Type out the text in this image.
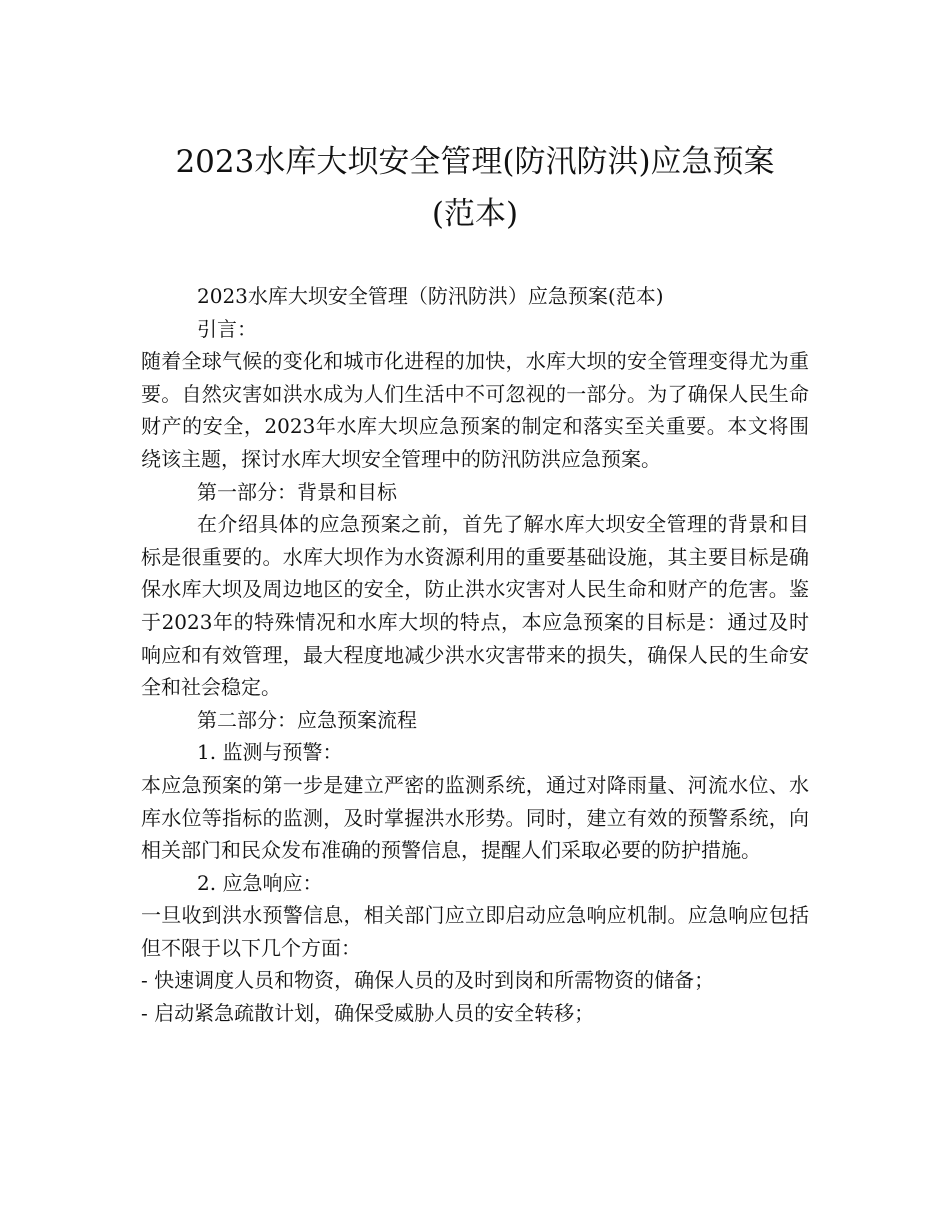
2023水库大坝安全管理(防汛防洪)应急预案
(范本)

2023水库大坝安全管理（防汛防洪）应急预案(范本)

引言：

随着全球气候的变化和城市化进程的加快，水库大坝的安全管理变得尤为重要。自然灾害如洪水成为人们生活中不可忽视的一部分。为了确保人民生命财产的安全，2023年水库大坝应急预案的制定和落实至关重要。本文将围绕该主题，探讨水库大坝安全管理中的防汛防洪应急预案。

第一部分：背景和目标

在介绍具体的应急预案之前，首先了解水库大坝安全管理的背景和目标是很重要的。水库大坝作为水资源利用的重要基础设施，其主要目标是确保水库大坝及周边地区的安全，防止洪水灾害对人民生命和财产的危害。鉴于2023年的特殊情况和水库大坝的特点，本应急预案的目标是：通过及时响应和有效管理，最大程度地减少洪水灾害带来的损失，确保人民的生命安全和社会稳定。

第二部分：应急预案流程

1. 监测与预警：

本应急预案的第一步是建立严密的监测系统，通过对降雨量、河流水位、水库水位等指标的监测，及时掌握洪水形势。同时，建立有效的预警系统，向相关部门和民众发布准确的预警信息，提醒人们采取必要的防护措施。

2. 应急响应：

一旦收到洪水预警信息，相关部门应立即启动应急响应机制。应急响应包括但不限于以下几个方面：

- 快速调度人员和物资，确保人员的及时到岗和所需物资的储备；

- 启动紧急疏散计划，确保受威胁人员的安全转移；
